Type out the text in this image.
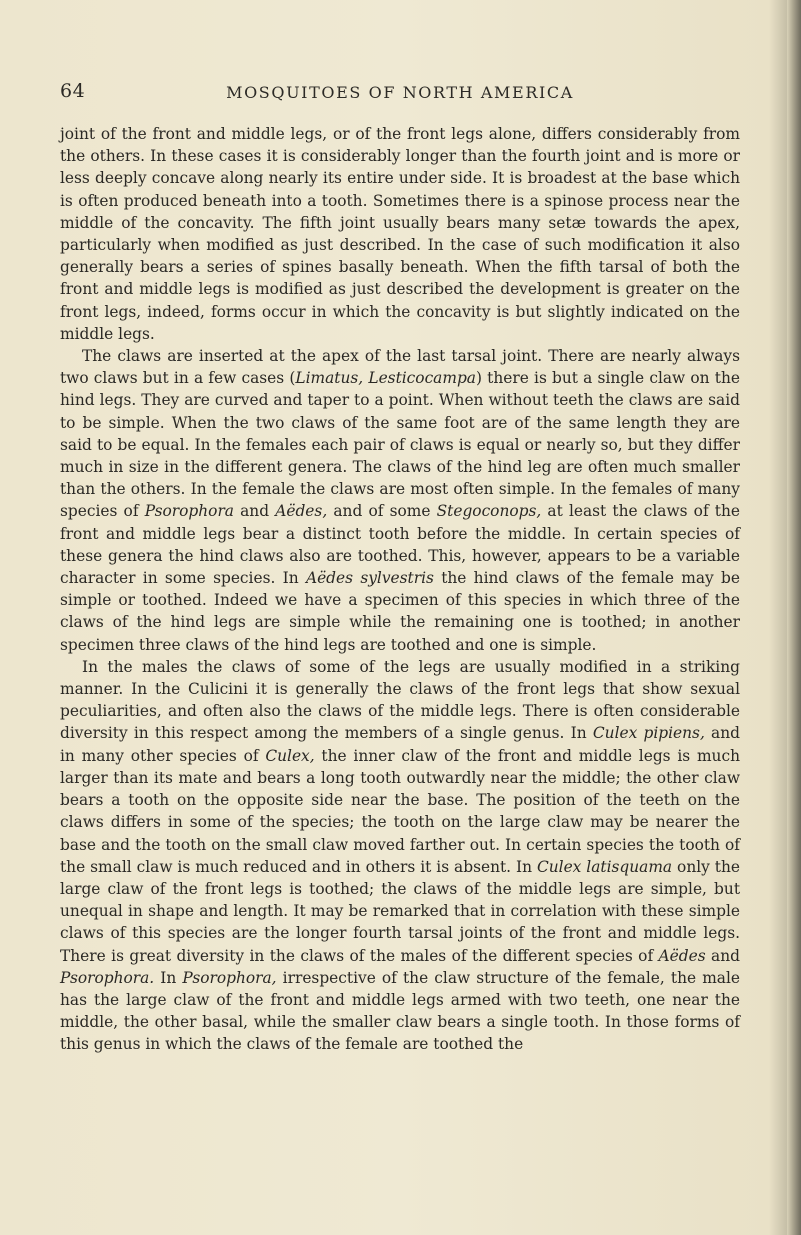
64	MOSQUITOES OF NORTH AMERICA

joint of the front and middle legs, or of the front legs alone, differs considerably from the others. In these cases it is considerably longer than the fourth joint and is more or less deeply concave along nearly its entire under side. It is broadest at the base which is often produced beneath into a tooth. Sometimes there is a spinose process near the middle of the concavity. The fifth joint usually bears many setæ towards the apex, particularly when modified as just described. In the case of such modification it also generally bears a series of spines basally beneath. When the fifth tarsal of both the front and middle legs is modified as just described the development is greater on the front legs, indeed, forms occur in which the concavity is but slightly indicated on the middle legs.

The claws are inserted at the apex of the last tarsal joint. There are nearly always two claws but in a few cases (Limatus, Lesticocampa) there is but a single claw on the hind legs. They are curved and taper to a point. When without teeth the claws are said to be simple. When the two claws of the same foot are of the same length they are said to be equal. In the females each pair of claws is equal or nearly so, but they differ much in size in the different genera. The claws of the hind leg are often much smaller than the others. In the female the claws are most often simple. In the females of many species of Psorophora and Aëdes, and of some Stegoconops, at least the claws of the front and middle legs bear a distinct tooth before the middle. In certain species of these genera the hind claws also are toothed. This, however, appears to be a variable character in some species. In Aëdes sylvestris the hind claws of the female may be simple or toothed. Indeed we have a specimen of this species in which three of the claws of the hind legs are simple while the remaining one is toothed; in another specimen three claws of the hind legs are toothed and one is simple.

In the males the claws of some of the legs are usually modified in a striking manner. In the Culicini it is generally the claws of the front legs that show sexual peculiarities, and often also the claws of the middle legs. There is often considerable diversity in this respect among the members of a single genus. In Culex pipiens, and in many other species of Culex, the inner claw of the front and middle legs is much larger than its mate and bears a long tooth outwardly near the middle; the other claw bears a tooth on the opposite side near the base. The position of the teeth on the claws differs in some of the species; the tooth on the large claw may be nearer the base and the tooth on the small claw moved farther out. In certain species the tooth of the small claw is much reduced and in others it is absent. In Culex latisquama only the large claw of the front legs is toothed; the claws of the middle legs are simple, but unequal in shape and length. It may be remarked that in correlation with these simple claws of this species are the longer fourth tarsal joints of the front and middle legs. There is great diversity in the claws of the males of the different species of Aëdes and Psorophora. In Psorophora, irrespective of the claw structure of the female, the male has the large claw of the front and middle legs armed with two teeth, one near the middle, the other basal, while the smaller claw bears a single tooth. In those forms of this genus in which the claws of the female are toothed the
